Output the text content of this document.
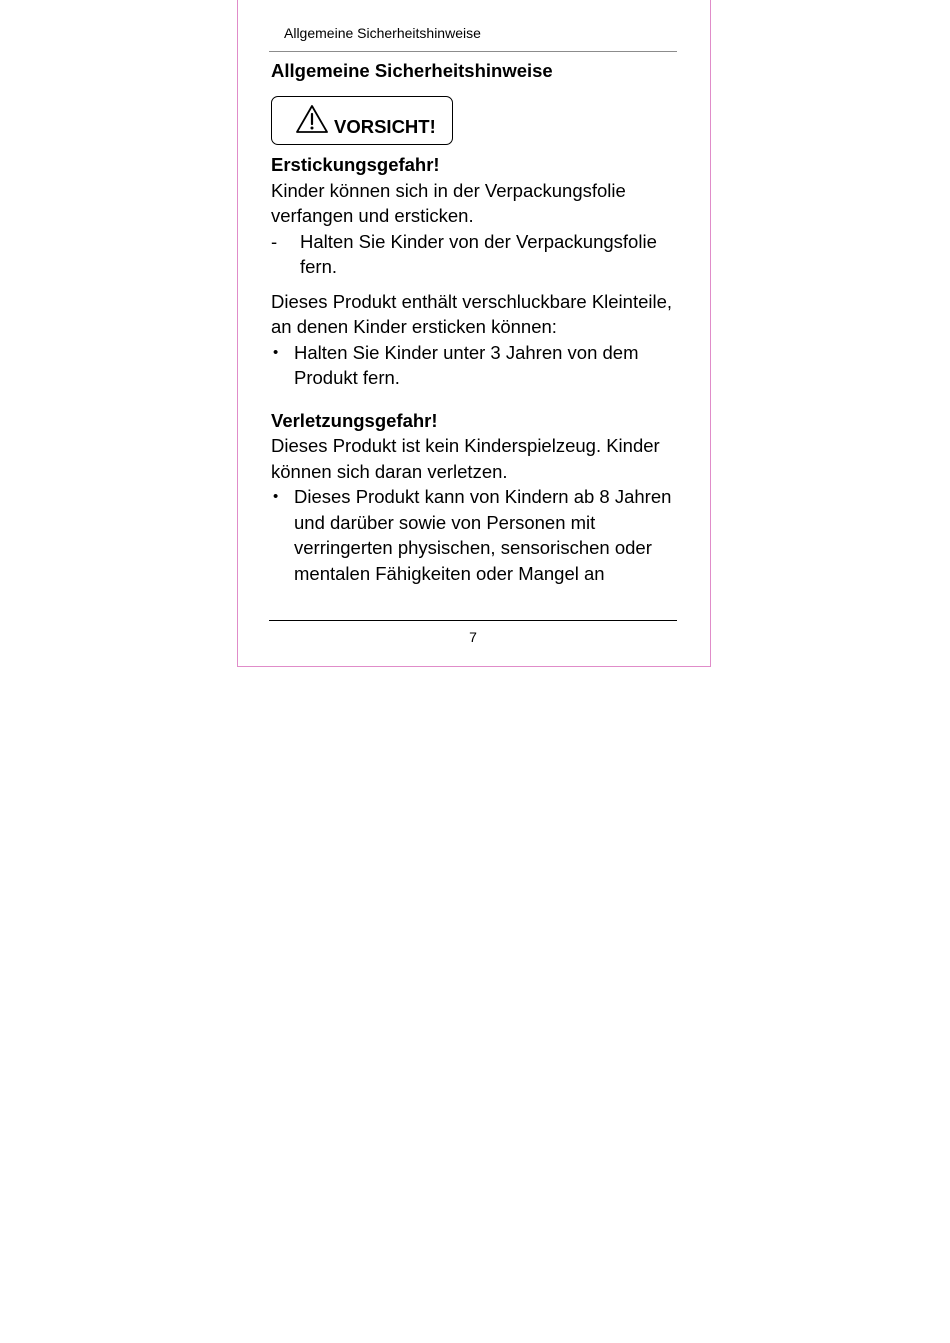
Allgemeine Sicherheitshinweise
Allgemeine Sicherheitshinweise
VORSICHT!

Erstickungsgefahr!

Kinder können sich in der Verpackungsfolie verfangen und ersticken.

- Halten Sie Kinder von der Verpackungsfolie fern.

Dieses Produkt enthält verschluckbare Kleinteile, an denen Kinder ersticken können:

• Halten Sie Kinder unter 3 Jahren von dem Produkt fern.

Verletzungsgefahr!

Dieses Produkt ist kein Kinderspielzeug. Kinder können sich daran verletzen.

• Dieses Produkt kann von Kindern ab 8 Jahren und darüber sowie von Personen mit verringerten physischen, sensorischen oder mentalen Fähigkeiten oder Mangel an
7
